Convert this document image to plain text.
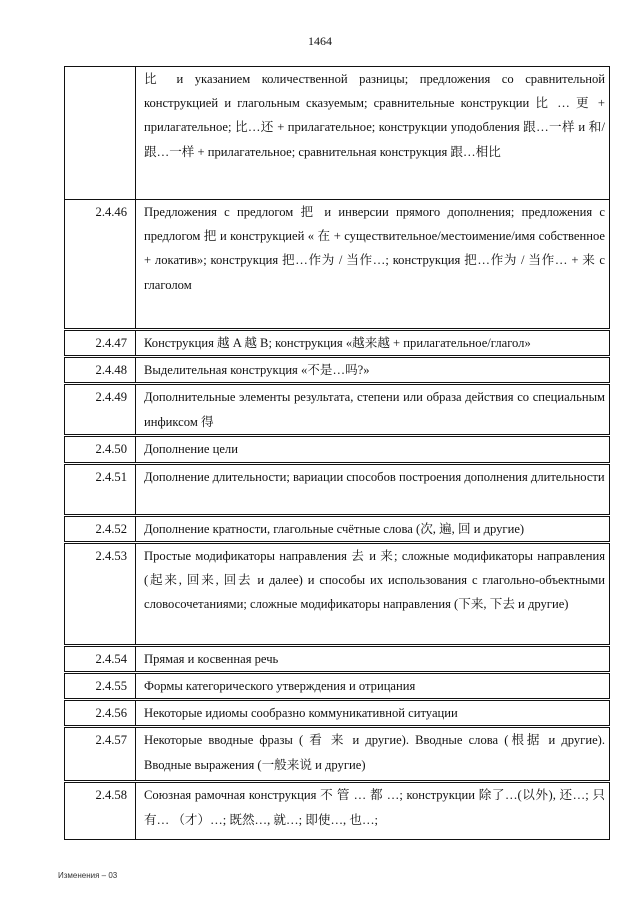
1464
	比 и указанием количественной разницы; предложения со сравнительной конструкцией и глагольным сказуемым; сравнительные конструкции 比 … 更 + прилагательное; 比…还 + прилагательное; конструкции уподобления 跟…一样 и 和/跟…一样 + прилагательное; сравнительная конструкция 跟…相比
2.4.46	Предложения с предлогом 把 и инверсии прямого дополнения; предложения с предлогом 把 и конструкцией « 在 + существительное/местоимение/имя собственное + локатив»; конструкция 把…作为 / 当作…; конструкция 把…作为 / 当作… + 来 с глаголом
2.4.47	Конструкция 越 A 越 B; конструкция «越来越 + прилагательное/глагол»
2.4.48	Выделительная конструкция «不是…吗?»
2.4.49	Дополнительные элементы результата, степени или образа действия со специальным инфиксом 得
2.4.50	Дополнение цели
2.4.51	Дополнение длительности; вариации способов построения дополнения длительности
2.4.52	Дополнение кратности, глагольные счётные слова (次, 遍, 回 и другие)
2.4.53	Простые модификаторы направления 去 и 来; сложные модификаторы направления (起来, 回来, 回去 и далее) и способы их использования с глагольно-объектными словосочетаниями; сложные модификаторы направления (下来, 下去 и другие)
2.4.54	Прямая и косвенная речь
2.4.55	Формы категорического утверждения и отрицания
2.4.56	Некоторые идиомы сообразно коммуникативной ситуации
2.4.57	Некоторые вводные фразы ( 看 来 и другие). Вводные слова (根据 и другие). Вводные выражения (一般来说 и другие)
2.4.58	Союзная рамочная конструкция 不 管 … 都 …; конструкции 除了…(以外), 还…; 只有… （才）…; 既然…, 就…; 即使…, 也…;
Изменения – 03
